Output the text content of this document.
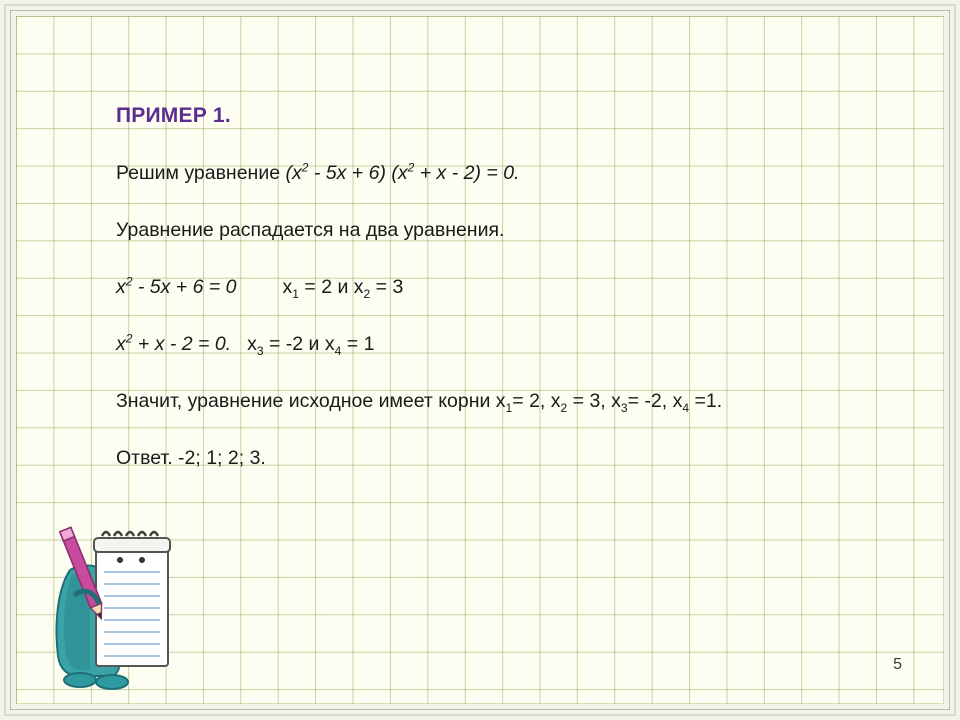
ПРИМЕР 1.
Решим уравнение $(х^2 - 5х + 6) (х^2 + х - 2) = 0$.
Уравнение распадается на два уравнения.
$х^2 - 5х + 6 = 0$ $х_1 = 2$ и $х_2 = 3$
$х^2 + х - 2 = 0$. $х_3 = -2$ и $х_4 = 1$
Значит, уравнение исходное имеет корни $х_1= 2$, $х_2 = 3$, $х_3= -2$, $х_4 =1$.
Ответ. -2; 1; 2; 3.
5
